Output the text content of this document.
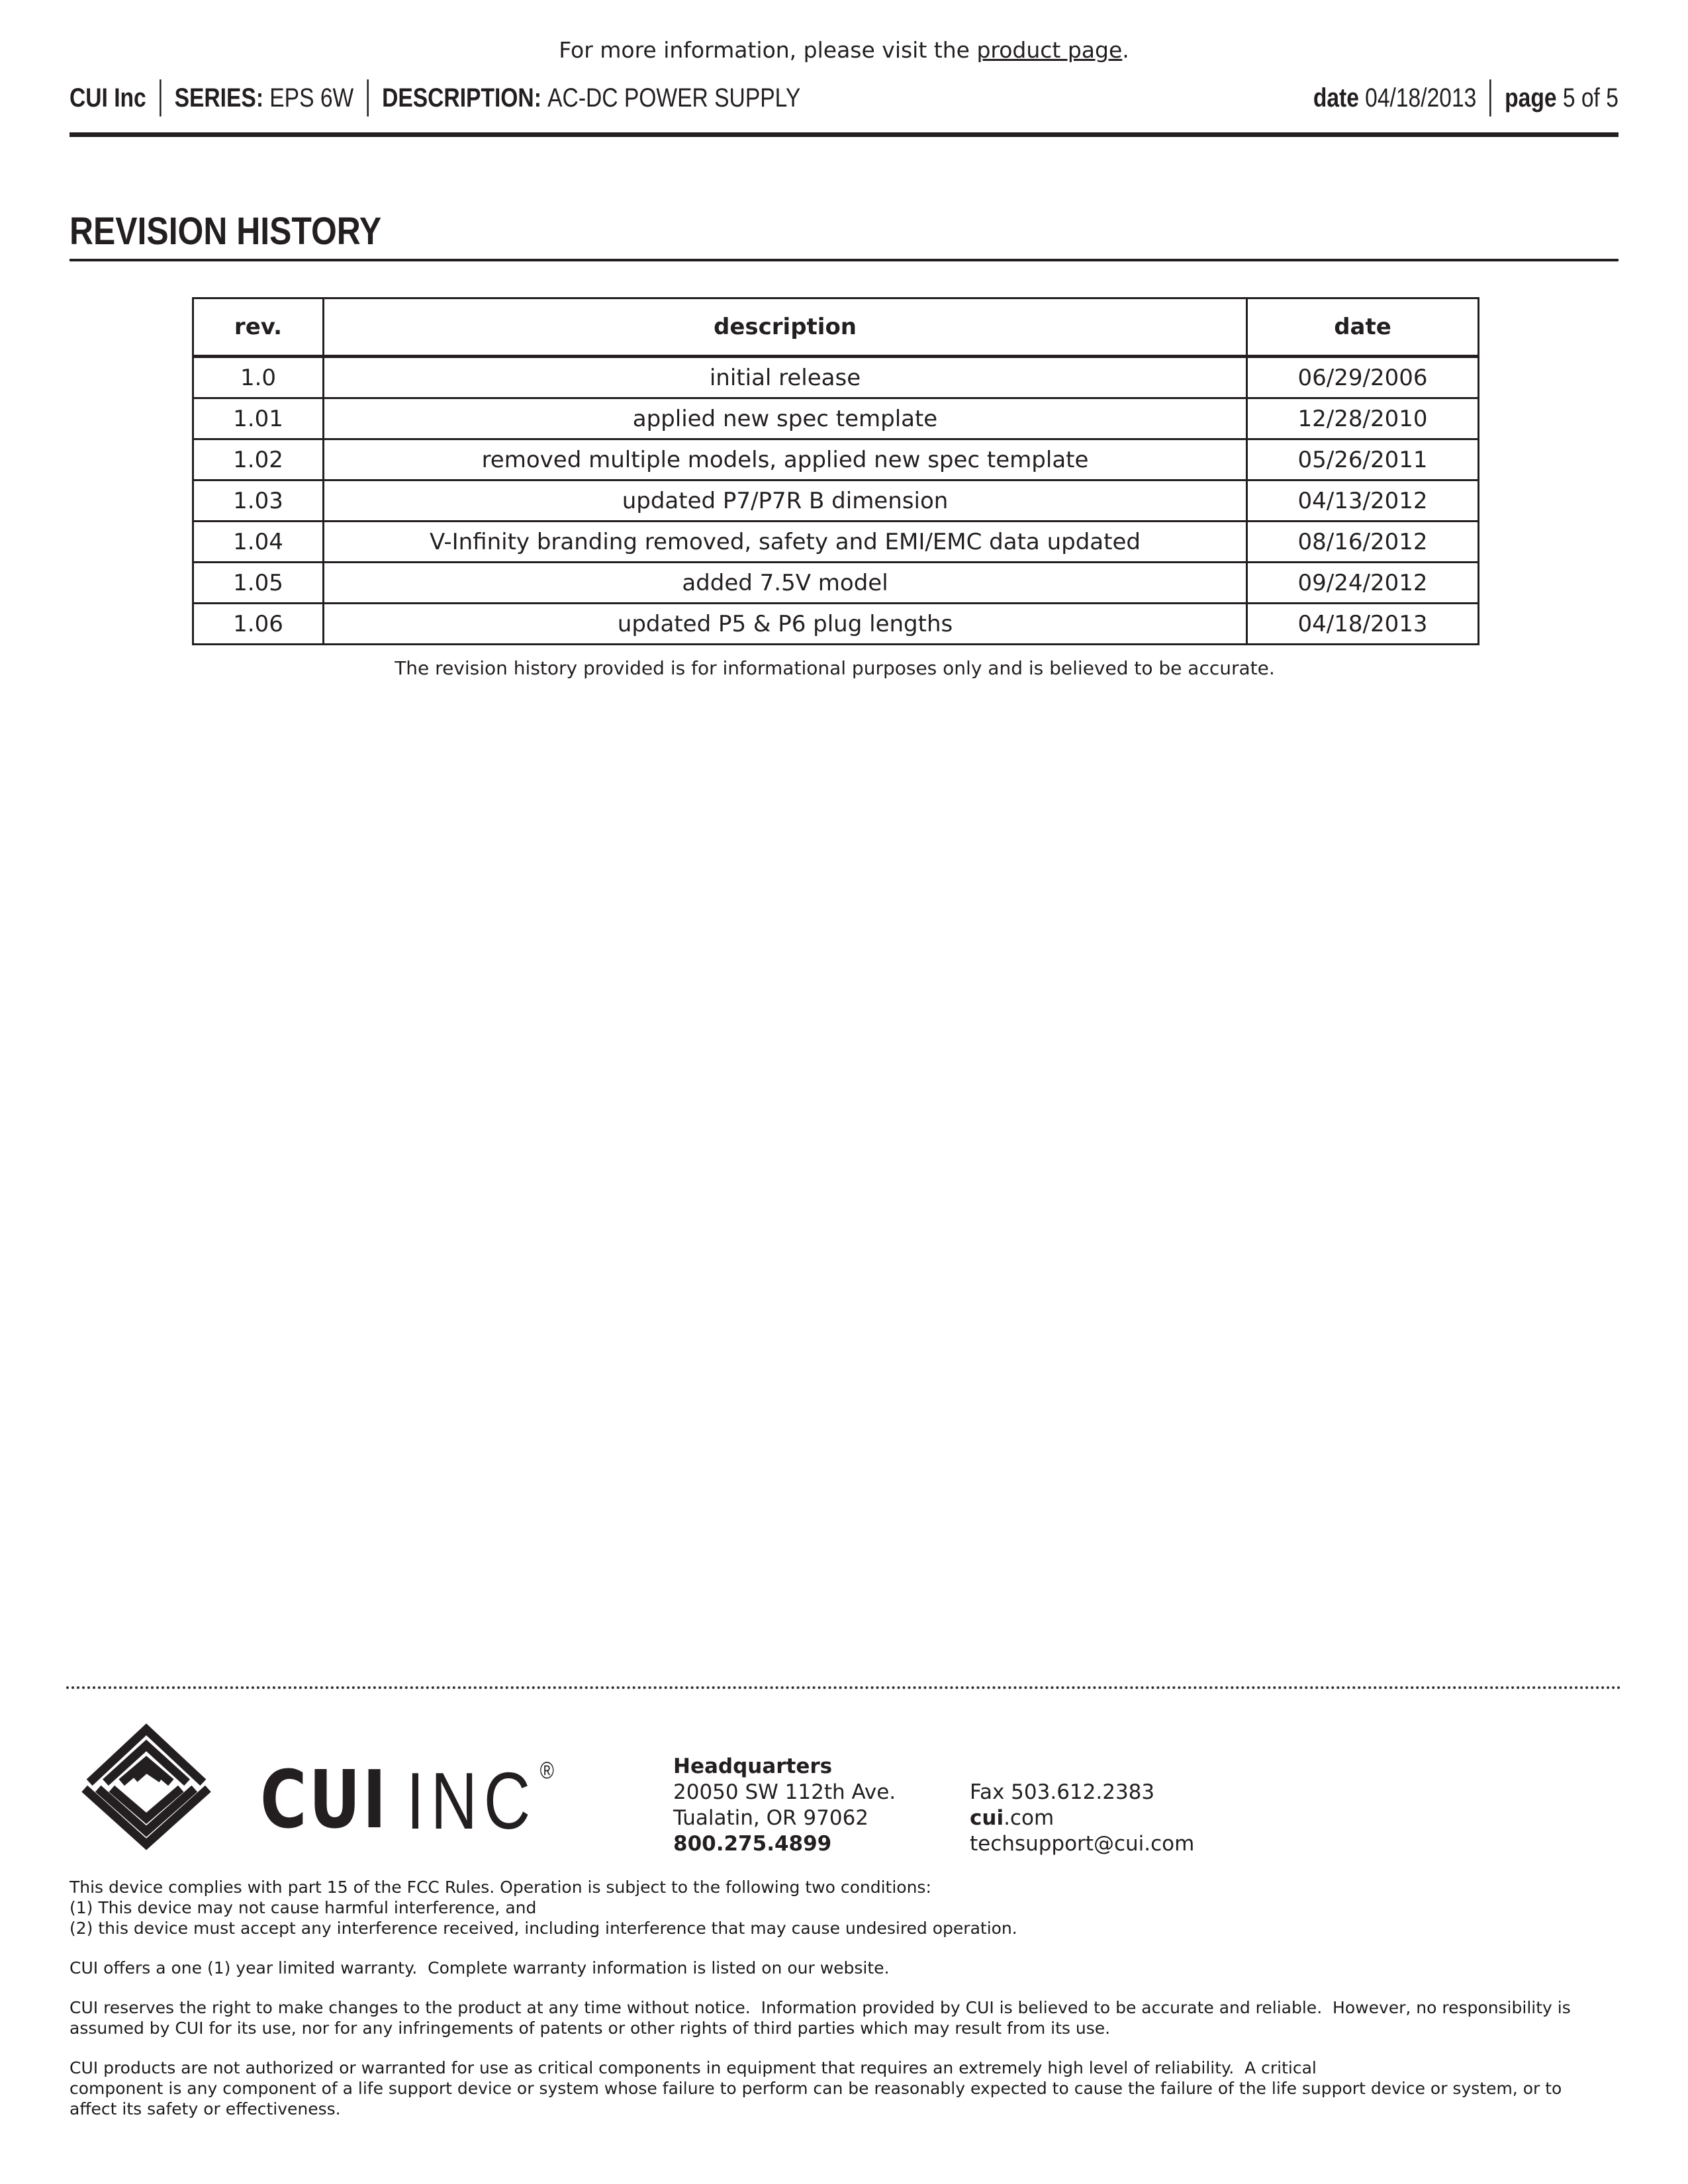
For more information, please visit the product page.
CUI Inc SERIES: EPS 6W DESCRIPTION: AC-DC POWER SUPPLY	date 04/18/2013 page 5 of 5
REVISION HISTORY
rev.	description	date
1.0	initial release	06/29/2006
1.01	applied new spec template	12/28/2010
1.02	removed multiple models, applied new spec template	05/26/2011
1.03	updated P7/P7R B dimension	04/13/2012
1.04	V-Infinity branding removed, safety and EMI/EMC data updated	08/16/2012
1.05	added 7.5V model	09/24/2012
1.06	updated P5 & P6 plug lengths	04/18/2013
The revision history provided is for informational purposes only and is believed to be accurate.
CUI INC ®	Headquarters
20050 SW 112th Ave.
Tualatin, OR 97062
800.275.4899
Fax 503.612.2383
cui.com
techsupport@cui.com
This device complies with part 15 of the FCC Rules. Operation is subject to the following two conditions:
(1) This device may not cause harmful interference, and
(2) this device must accept any interference received, including interference that may cause undesired operation.
CUI offers a one (1) year limited warranty.  Complete warranty information is listed on our website.
CUI reserves the right to make changes to the product at any time without notice.  Information provided by CUI is believed to be accurate and reliable.  However, no responsibility is
assumed by CUI for its use, nor for any infringements of patents or other rights of third parties which may result from its use.
CUI products are not authorized or warranted for use as critical components in equipment that requires an extremely high level of reliability.  A critical
component is any component of a life support device or system whose failure to perform can be reasonably expected to cause the failure of the life support device or system, or to
affect its safety or effectiveness.
